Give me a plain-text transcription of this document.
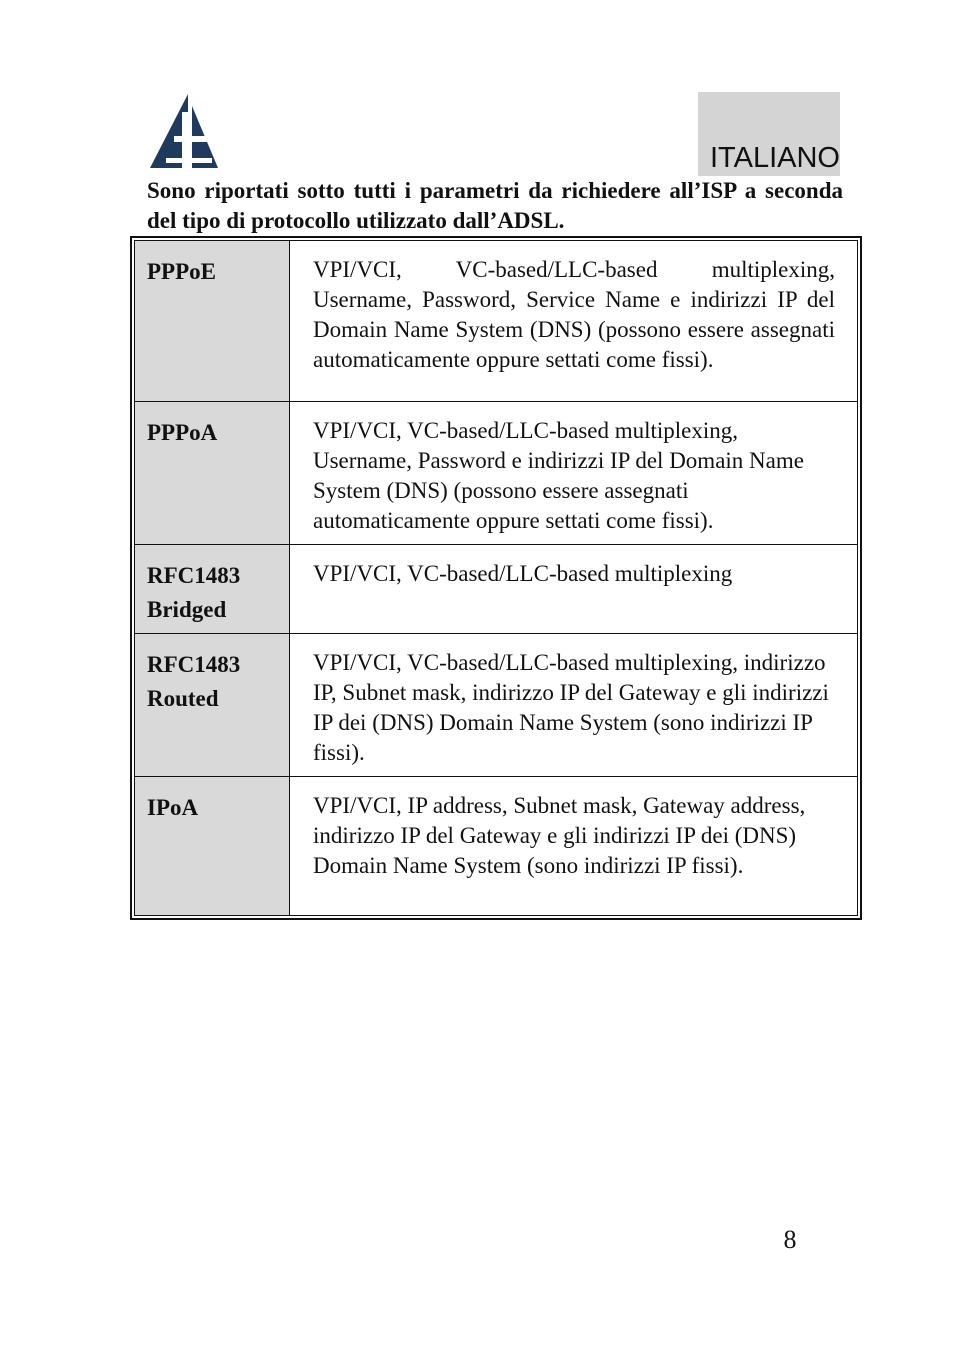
ITALIANO
Sono riportati sotto tutti i parametri da richiedere all’ISP a seconda del tipo di protocollo utilizzato dall’ADSL.
PPPoE	VPI/VCI, VC-based/LLC-based multiplexing, Username, Password, Service Name e indirizzi IP del Domain Name System (DNS) (possono essere assegnati automaticamente oppure settati come fissi).
PPPoA	VPI/VCI, VC-based/LLC-based multiplexing, Username, Password e indirizzi IP del Domain Name System (DNS) (possono essere assegnati automaticamente oppure settati come fissi).
RFC1483
Bridged	VPI/VCI, VC-based/LLC-based multiplexing
RFC1483
Routed	VPI/VCI, VC-based/LLC-based multiplexing, indirizzo IP, Subnet mask, indirizzo IP del Gateway e gli indirizzi IP dei (DNS) Domain Name System (sono indirizzi IP fissi).
IPoA	VPI/VCI, IP address, Subnet mask, Gateway address, indirizzo IP del Gateway e gli indirizzi IP dei (DNS) Domain Name System (sono indirizzi IP fissi).
8
